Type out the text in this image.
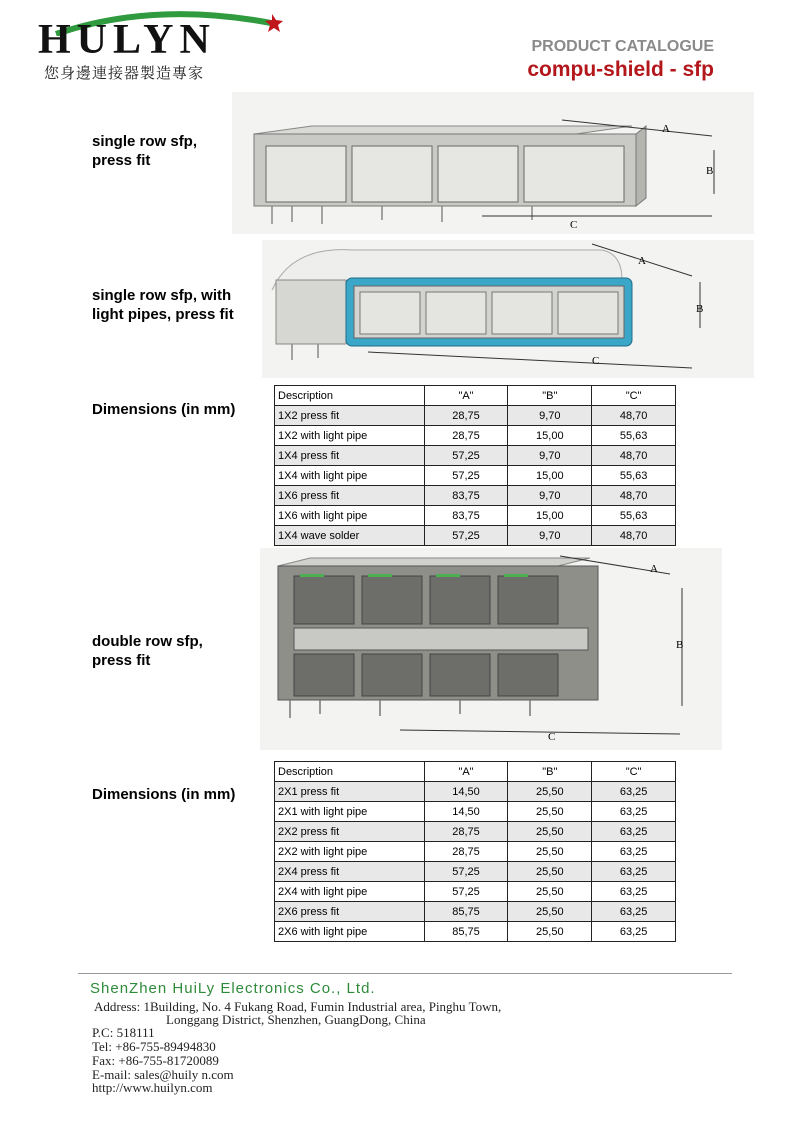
HULYN
您身邊連接器製造專家
PRODUCT CATALOGUE
compu-shield - sfp
single row sfp, press fit
single row sfp, with light pipes, press fit
Dimensions (in mm)
double row sfp, press fit
Dimensions (in mm)
A
B
C
A
B
C
Description	"A"	"B"	"C"
1X2 press fit	28,75	9,70	48,70
1X2 with light pipe	28,75	15,00	55,63
1X4 press fit	57,25	9,70	48,70
1X4 with light pipe	57,25	15,00	55,63
1X6 press fit	83,75	9,70	48,70
1X6 with light pipe	83,75	15,00	55,63
1X4 wave solder	57,25	9,70	48,70
A
B
C
Description	"A"	"B"	"C"
2X1 press fit	14,50	25,50	63,25
2X1 with light pipe	14,50	25,50	63,25
2X2 press fit	28,75	25,50	63,25
2X2 with light pipe	28,75	25,50	63,25
2X4 press fit	57,25	25,50	63,25
2X4 with light pipe	57,25	25,50	63,25
2X6 press fit	85,75	25,50	63,25
2X6 with light pipe	85,75	25,50	63,25
ShenZhen HuiLy Electronics Co., Ltd.
Address: 1Building, No. 4 Fukang Road, Fumin Industrial area, Pinghu Town,
Longgang District, Shenzhen, GuangDong, China
P.C: 518111
Tel: +86-755-89494830
Fax: +86-755-81720089
E-mail: sales@huily n.com
http://www.huilyn.com
